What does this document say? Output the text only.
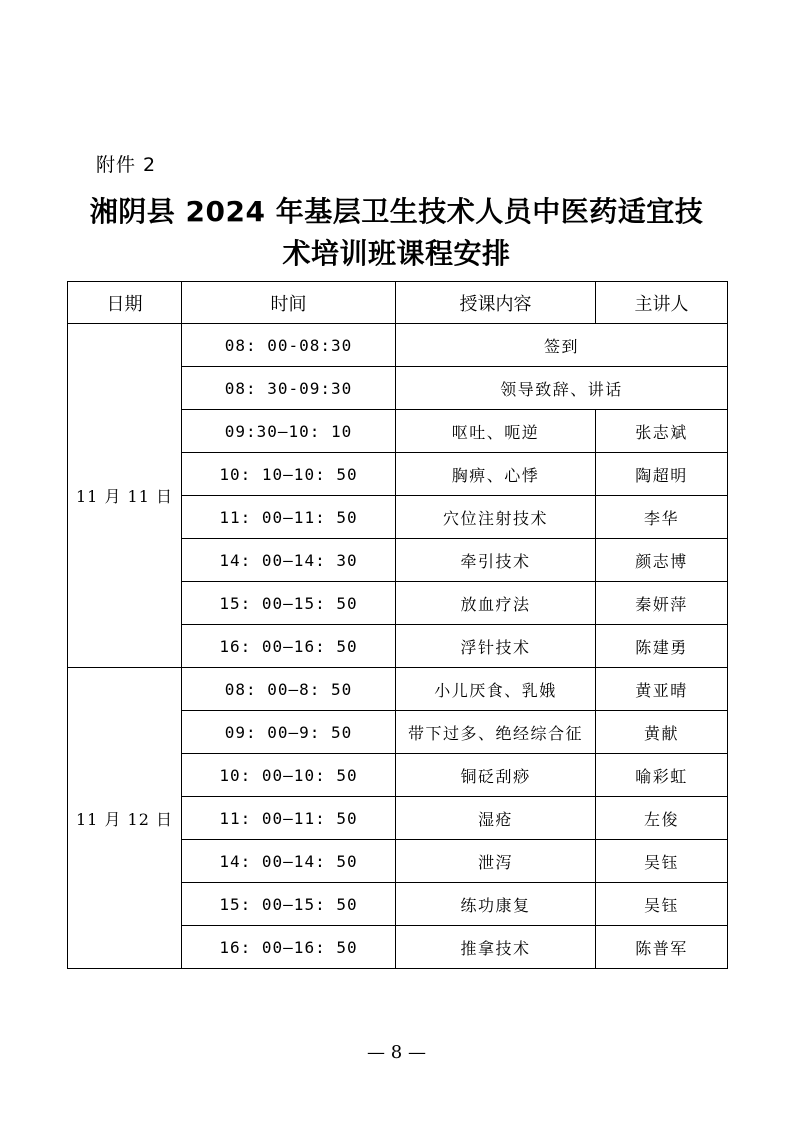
附件 2
湘阴县 2024 年基层卫生技术人员中医药适宜技
术培训班课程安排
日期	时间	授课内容	主讲人
11 月 11 日	08: 00-08:30	签到	
	08: 30-09:30	领导致辞、讲话	
	09:30—10: 10	呕吐、呃逆	张志斌
	10: 10—10: 50	胸痹、心悸	陶超明
	11: 00—11: 50	穴位注射技术	李华
	14: 00—14: 30	牵引技术	颜志博
	15: 00—15: 50	放血疗法	秦妍萍
	16: 00—16: 50	浮针技术	陈建勇
11 月 12 日	08: 00—8: 50	小儿厌食、乳娥	黄亚晴
	09: 00—9: 50	带下过多、绝经综合征	黄献
	10: 00—10: 50	铜砭刮痧	喻彩虹
	11: 00—11: 50	湿疮	左俊
	14: 00—14: 50	泄泻	吴钰
	15: 00—15: 50	练功康复	吴钰
	16: 00—16: 50	推拿技术	陈普军
— 8 —
